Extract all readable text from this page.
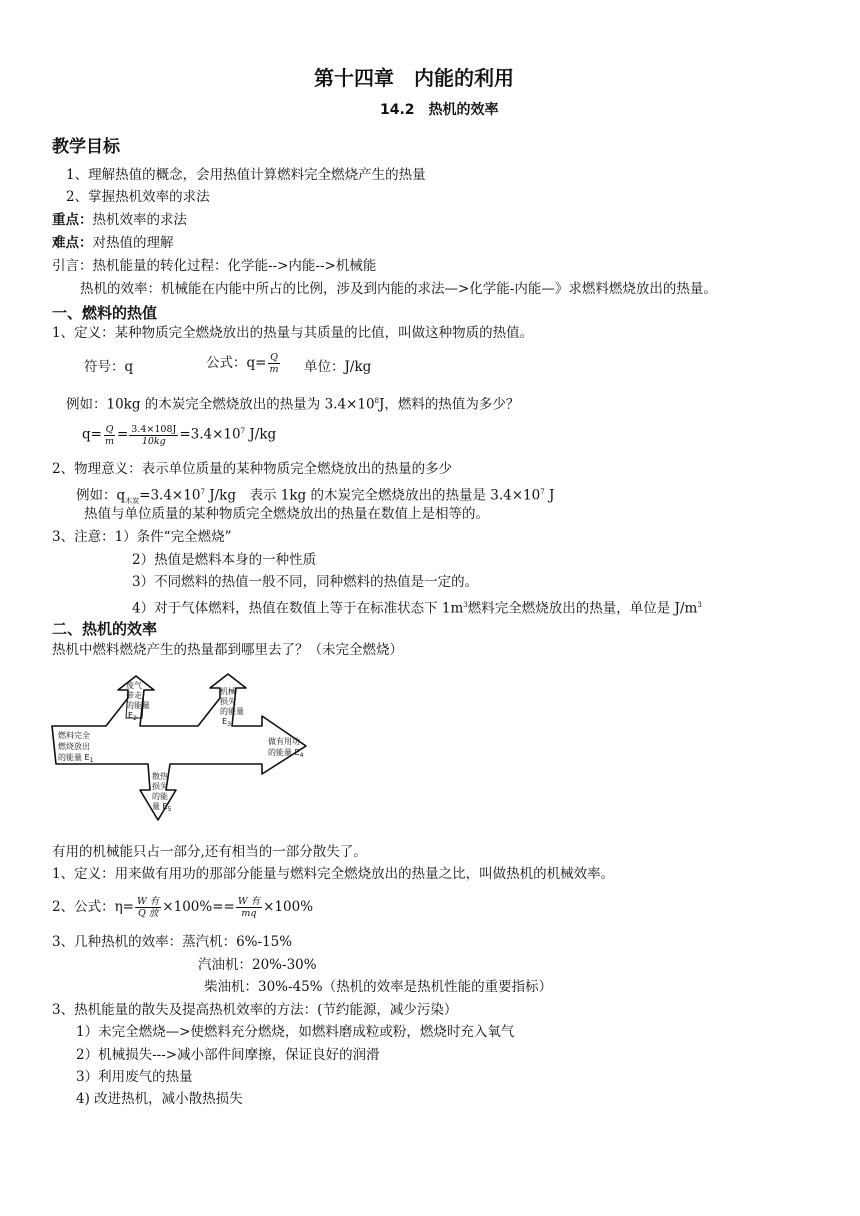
第十四章　内能的利用
14.2　热机的效率
教学目标
1、理解热值的概念，会用热值计算燃料完全燃烧产生的热量
2、掌握热机效率的求法
重点：热机效率的求法
难点：对热值的理解
引言：热机能量的转化过程：化学能-->内能-->机械能
热机的效率：机械能在内能中所占的比例，涉及到内能的求法—>化学能-内能—》求燃料燃烧放出的热量。
一、燃料的热值
1、定义：某种物质完全燃烧放出的热量与其质量的比值，叫做这种物质的热值。
符号：q	公式：$q= \frac{Q}{m}$ 单位：J/kg
例如：10kg 的木炭完全燃烧放出的热量为 $3.4\times 10^8J$，燃料的热值为多少？
$q= \frac{Q}{m} = \frac{3.4\times 108J}{10kg} =3.4\times 10^7$ J/kg
2、物理意义：表示单位质量的某种物质完全燃烧放出的热量的多少
例如：$q_{木炭}=3.4\times 10^7$ J/kg　表示 1kg 的木炭完全燃烧放出的热量是 $3.4\times 10^7$ J
热值与单位质量的某种物质完全燃烧放出的热量在数值上是相等的。
3、注意：1）条件“完全燃烧”
2）热值是燃料本身的一种性质
3）不同燃料的热值一般不同，同种燃料的热值是一定的。
4）对于气体燃料，热值在数值上等于在标准状态下 $1m^3$燃料完全燃烧放出的热量，单位是 $J/m^3$
二、热机的效率
热机中燃料燃烧产生的热量都到哪里去了？（未完全燃烧）
燃料完全
燃烧放出
的能量 $E_1$
废气
带走
的能量
$E_2$
机械
损失
的能量
$E_3$
做有用功
的能量 $E_4$
散热
损失
的能
量 $E_5$
有用的机械能只占一部分,还有相当的一部分散失了。
1、定义：用来做有用功的那部分能量与燃料完全燃烧放出的热量之比，叫做热机的机械效率。
2、公式：$\eta= \frac{\text{W 有}}{\text{Q 放}} \times 100\%== \frac{\text{W 有}}{mq} \times 100\%$
3、几种热机的效率：蒸汽机：6%-15%
汽油机：20%-30%
柴油机：30%-45%（热机的效率是热机性能的重要指标）
3、热机能量的散失及提高热机效率的方法：(节约能源，减少污染）
1）未完全燃烧—>使燃料充分燃烧，如燃料磨成粒或粉，燃烧时充入氧气
2）机械损失--->减小部件间摩擦，保证良好的润滑
3）利用废气的热量
4) 改进热机，减小散热损失
